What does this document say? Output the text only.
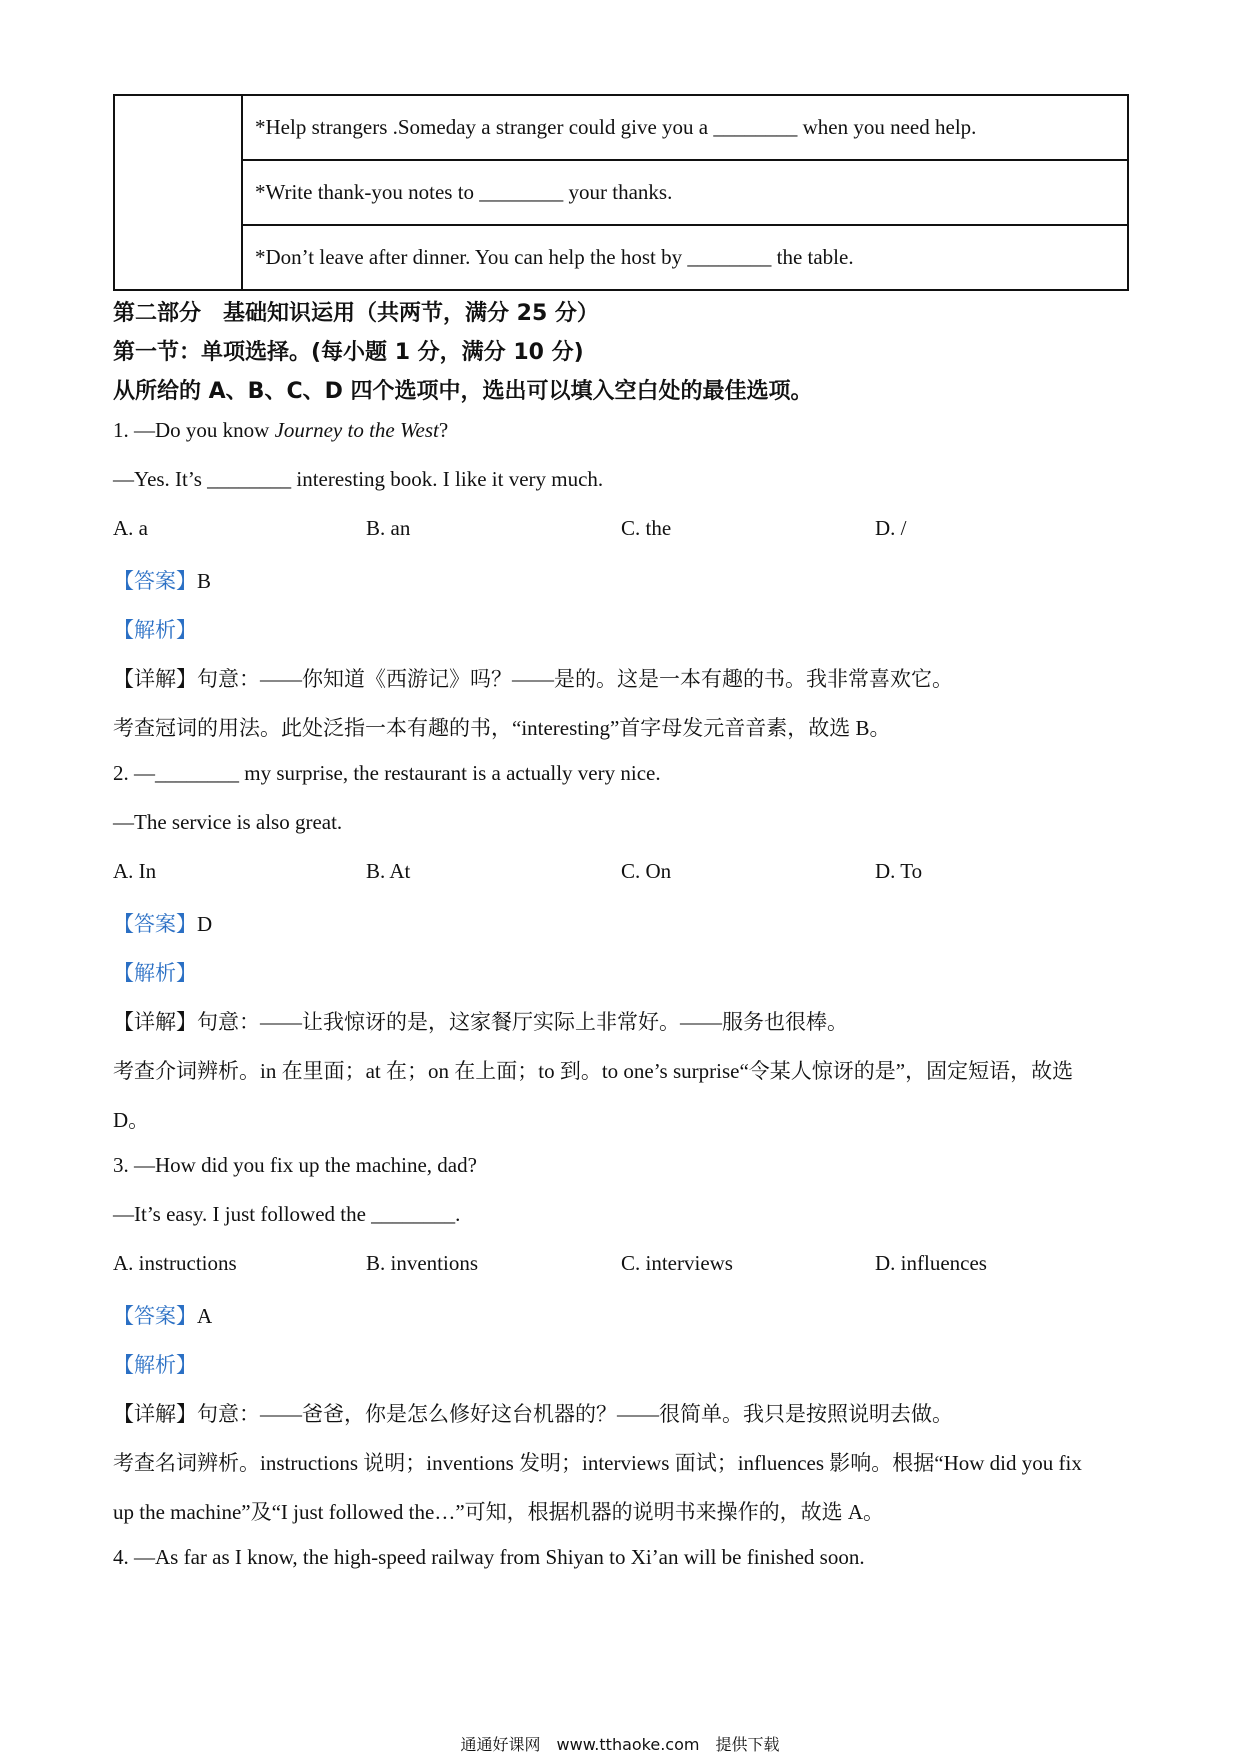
	*Help strangers .Someday a stranger could give you a ________ when you need help.
*Write thank-you notes to ________ your thanks.
*Don’t leave after dinner. You can help the host by ________ the table.
第二部分　基础知识运用（共两节，满分 25 分）
第一节：单项选择。(每小题 1 分，满分 10 分)
从所给的 A、B、C、D 四个选项中，选出可以填入空白处的最佳选项。
1. —Do you know Journey to the West?
—Yes. It’s ________ interesting book. I like it very much.
A. a	B. an	C. the	D. /
【答案】B
【解析】
【详解】句意：——你知道《西游记》吗？——是的。这是一本有趣的书。我非常喜欢它。
考查冠词的用法。此处泛指一本有趣的书，“interesting”首字母发元音音素，故选 B。
2. —________ my surprise, the restaurant is a actually very nice.
—The service is also great.
A. In	B. At	C. On	D. To
【答案】D
【解析】
【详解】句意：——让我惊讶的是，这家餐厅实际上非常好。——服务也很棒。
考查介词辨析。in 在里面；at 在；on 在上面；to 到。to one’s surprise“令某人惊讶的是”，固定短语，故选
D。
3. —How did you fix up the machine, dad?
—It’s easy. I just followed the ________.
A. instructions	B. inventions	C. interviews	D. influences
【答案】A
【解析】
【详解】句意：——爸爸，你是怎么修好这台机器的？——很简单。我只是按照说明去做。
考查名词辨析。instructions 说明；inventions 发明；interviews 面试；influences 影响。根据“How did you fix
up the machine”及“I just followed the…”可知，根据机器的说明书来操作的，故选 A。
4. —As far as I know, the high-speed railway from Shiyan to Xi’an will be finished soon.
通通好课网　www.tthaoke.com　提供下载
